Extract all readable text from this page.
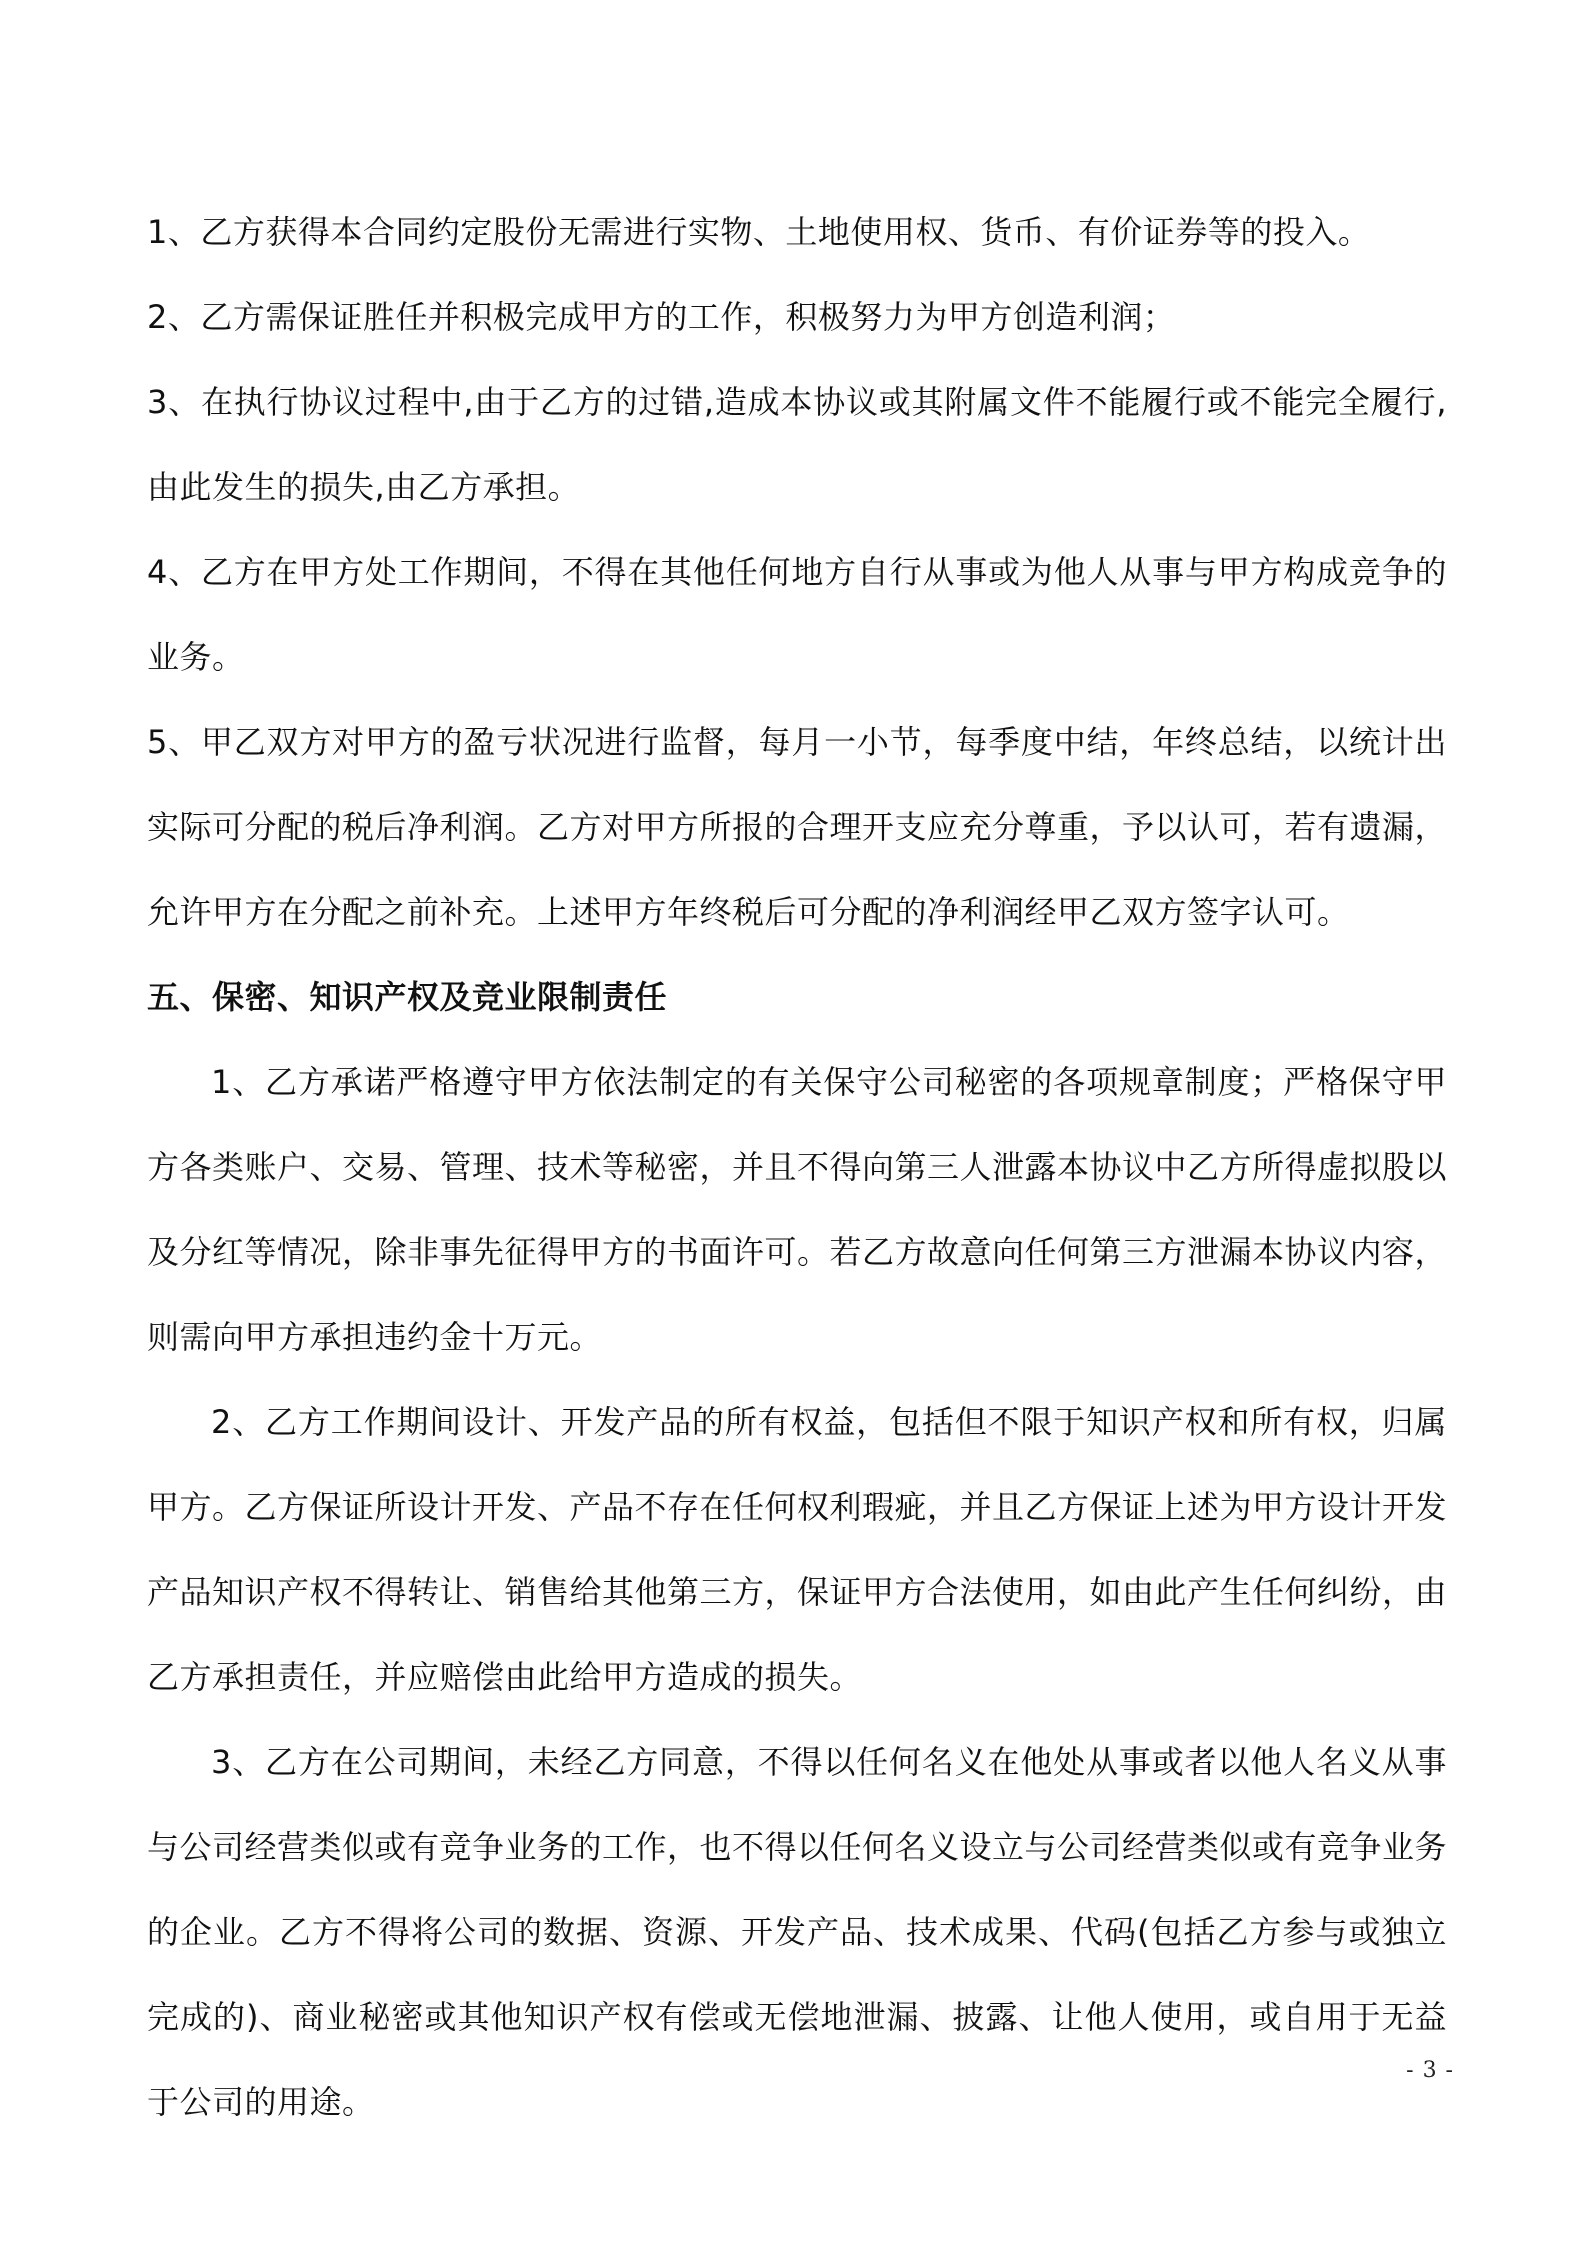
1、乙方获得本合同约定股份无需进行实物、土地使用权、货币、有价证券等的投入。

2、乙方需保证胜任并积极完成甲方的工作，积极努力为甲方创造利润；

3、在执行协议过程中,由于乙方的过错,造成本协议或其附属文件不能履行或不能完全履行,由此发生的损失,由乙方承担。

4、乙方在甲方处工作期间，不得在其他任何地方自行从事或为他人从事与甲方构成竞争的业务。

5、甲乙双方对甲方的盈亏状况进行监督，每月一小节，每季度中结，年终总结，以统计出实际可分配的税后净利润。乙方对甲方所报的合理开支应充分尊重，予以认可，若有遗漏，允许甲方在分配之前补充。上述甲方年终税后可分配的净利润经甲乙双方签字认可。

五、保密、知识产权及竞业限制责任

1、乙方承诺严格遵守甲方依法制定的有关保守公司秘密的各项规章制度；严格保守甲方各类账户、交易、管理、技术等秘密，并且不得向第三人泄露本协议中乙方所得虚拟股以及分红等情况，除非事先征得甲方的书面许可。若乙方故意向任何第三方泄漏本协议内容，则需向甲方承担违约金十万元。

2、乙方工作期间设计、开发产品的所有权益，包括但不限于知识产权和所有权，归属甲方。乙方保证所设计开发、产品不存在任何权利瑕疵，并且乙方保证上述为甲方设计开发产品知识产权不得转让、销售给其他第三方，保证甲方合法使用，如由此产生任何纠纷，由乙方承担责任，并应赔偿由此给甲方造成的损失。

3、乙方在公司期间，未经乙方同意，不得以任何名义在他处从事或者以他人名义从事与公司经营类似或有竞争业务的工作，也不得以任何名义设立与公司经营类似或有竞争业务的企业。乙方不得将公司的数据、资源、开发产品、技术成果、代码(包括乙方参与或独立完成的)、商业秘密或其他知识产权有偿或无偿地泄漏、披露、让他人使用，或自用于无益于公司的用途。

- 3 -
